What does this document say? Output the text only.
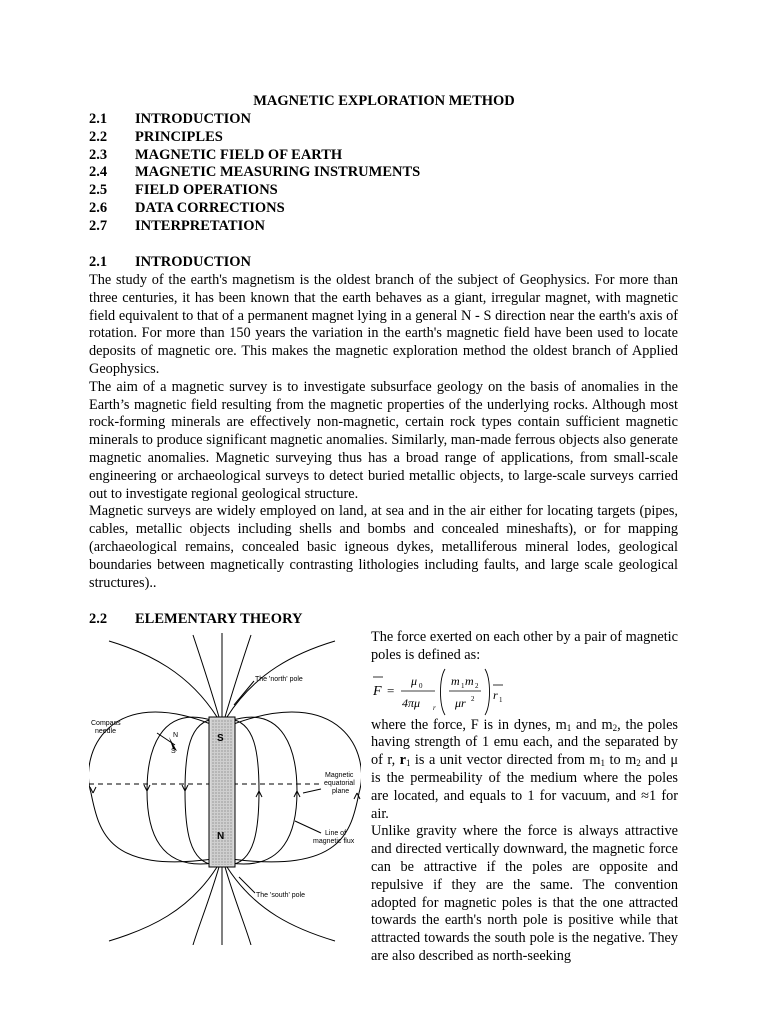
MAGNETIC EXPLORATION METHOD
2.1	INTRODUCTION
2.2	PRINCIPLES
2.3	MAGNETIC FIELD OF EARTH
2.4	MAGNETIC MEASURING INSTRUMENTS
2.5	FIELD OPERATIONS
2.6	DATA CORRECTIONS
2.7	INTERPRETATION
2.1	INTRODUCTION

The study of the earth's magnetism is the oldest branch of the subject of Geophysics. For more than three centuries, it has been known that the earth behaves as a giant, irregular magnet, with magnetic field equivalent to that of a permanent magnet lying in a general N - S direction near the earth's axis of rotation. For more than 150 years the variation in the earth's magnetic field have been used to locate deposits of magnetic ore. This makes the magnetic exploration method the oldest branch of Applied Geophysics.

The aim of a magnetic survey is to investigate subsurface geology on the basis of anomalies in the Earth’s magnetic field resulting from the magnetic properties of the underlying rocks. Although most rock-forming minerals are effectively non-magnetic, certain rock types contain sufficient magnetic minerals to produce significant magnetic anomalies. Similarly, man-made ferrous objects also generate magnetic anomalies. Magnetic surveying thus has a broad range of applications, from small-scale engineering or archaeological surveys to detect buried metallic objects, to large-scale surveys carried out to investigate regional geological structure.

Magnetic surveys are widely employed on land, at sea and in the air either for locating targets (pipes, cables, metallic objects including shells and bombs and concealed mineshafts), or for mapping (archaeological remains, concealed basic igneous dykes, metalliferous mineral lodes, geological boundaries between magnetically contrasting lithologies including faults, and large scale geological structures)..

2.2	ELEMENTARY THEORY
S
N
N
S
The 'north' pole
The 'south' pole
Compass
needle
Magnetic
equatorial
plane
Line of
magnetic flux

The force exerted on each other by a pair of magnetic poles is defined as:

F =
μ 0
4πμ r
m 1 m 2
μr 2 r 1

where the force, F is in dynes, $m_1$ and $m_2$, the poles having strength of 1 emu each, and the separated by of r, $r_1$ is a unit vector directed from $m_1$ to $m_2$ and μ is the permeability of the medium where the poles are located, and equals to 1 for vacuum, and ≈1 for air.

Unlike gravity where the force is always attractive and directed vertically downward, the magnetic force can be attractive if the poles are opposite and repulsive if they are the same. The convention adopted for magnetic poles is that the one attracted towards the earth's north pole is positive while that attracted towards the south pole is the negative. They are also described as north-seeking
